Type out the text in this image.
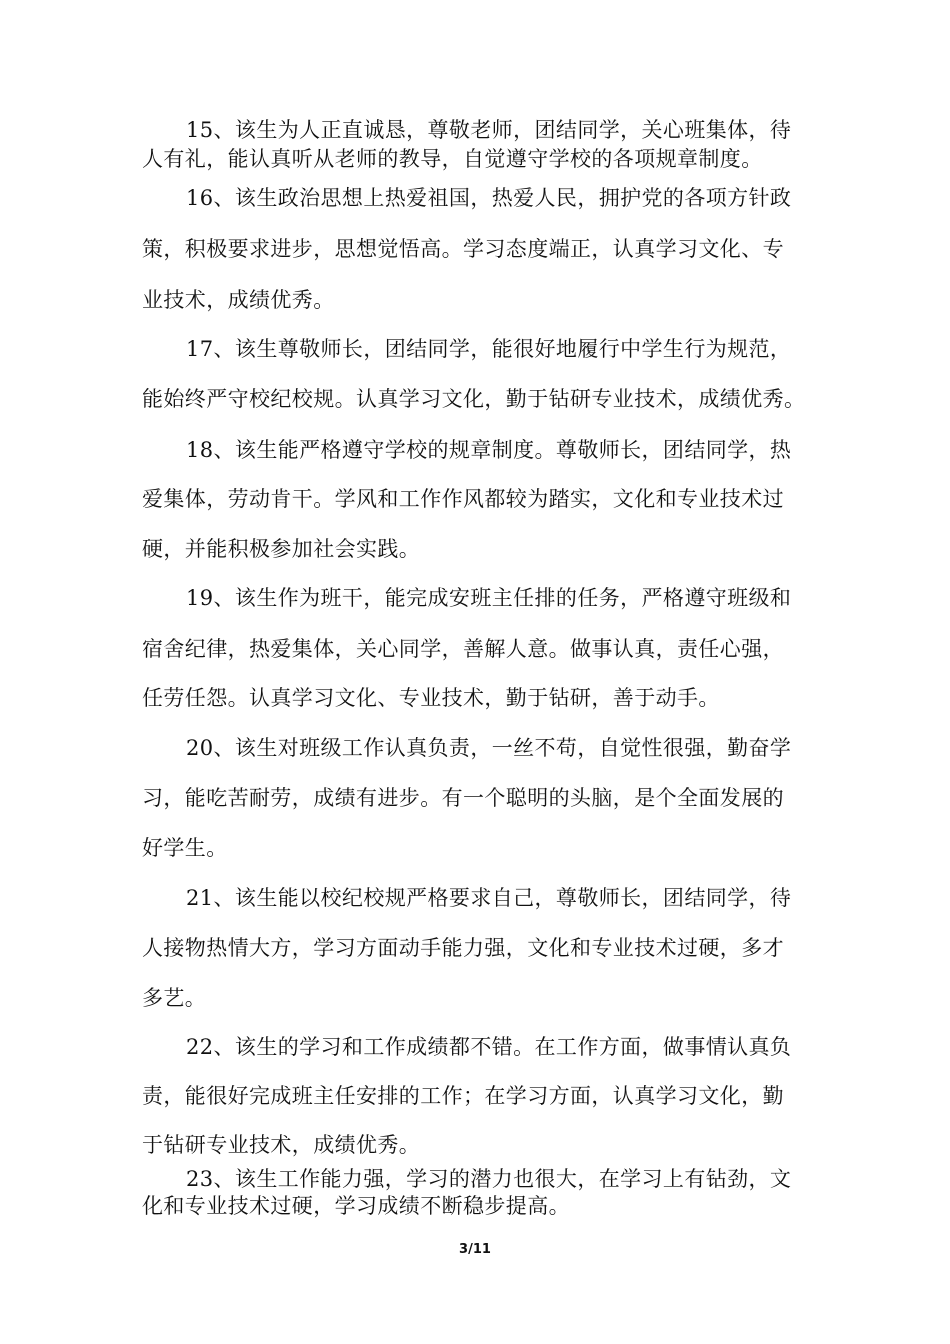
15、该生为人正直诚恳，尊敬老师，团结同学，关心班集体，待
人有礼，能认真听从老师的教导，自觉遵守学校的各项规章制度。
16、该生政治思想上热爱祖国，热爱人民，拥护党的各项方针政
策，积极要求进步，思想觉悟高。学习态度端正，认真学习文化、专
业技术，成绩优秀。
17、该生尊敬师长，团结同学，能很好地履行中学生行为规范，
能始终严守校纪校规。认真学习文化，勤于钻研专业技术，成绩优秀。
18、该生能严格遵守学校的规章制度。尊敬师长，团结同学，热
爱集体，劳动肯干。学风和工作作风都较为踏实，文化和专业技术过
硬，并能积极参加社会实践。
19、该生作为班干，能完成安班主任排的任务，严格遵守班级和
宿舍纪律，热爱集体，关心同学，善解人意。做事认真，责任心强，
任劳任怨。认真学习文化、专业技术，勤于钻研，善于动手。
20、该生对班级工作认真负责，一丝不苟，自觉性很强，勤奋学
习，能吃苦耐劳，成绩有进步。有一个聪明的头脑，是个全面发展的
好学生。
21、该生能以校纪校规严格要求自己，尊敬师长，团结同学，待
人接物热情大方，学习方面动手能力强，文化和专业技术过硬，多才
多艺。
22、该生的学习和工作成绩都不错。在工作方面，做事情认真负
责，能很好完成班主任安排的工作；在学习方面，认真学习文化，勤
于钻研专业技术，成绩优秀。
23、该生工作能力强，学习的潜力也很大，在学习上有钻劲，文
化和专业技术过硬，学习成绩不断稳步提高。
3/11
